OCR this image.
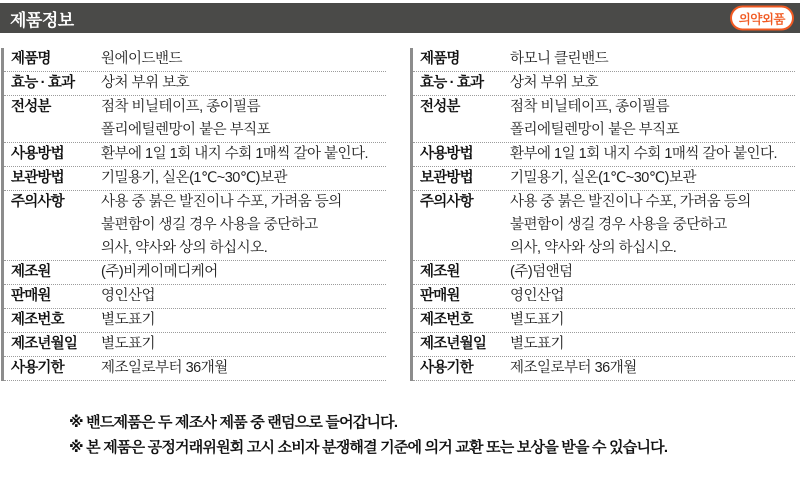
제품정보	의약외품
제품명	원에이드밴드
효능 · 효과	상처 부위 보호
전성분	점착 비닐테이프, 종이필름
폴리에틸렌망이 붙은 부직포
사용방법	환부에 1일 1회 내지 수회 1매씩 갈아 붙인다.
보관방법	기밀용기, 실온(1℃~30℃)보관
주의사항	사용 중 붉은 발진이나 수포, 가려움 등의
불편함이 생길 경우 사용을 중단하고
의사, 약사와 상의 하십시오.
제조원	(주)비케이메디케어
판매원	영인산업
제조번호	별도표기
제조년월일	별도표기
사용기한	제조일로부터 36개월
제품명	하모니 클린밴드
효능 · 효과	상처 부위 보호
전성분	점착 비닐테이프, 종이필름
폴리에틸렌망이 붙은 부직포
사용방법	환부에 1일 1회 내지 수회 1매씩 갈아 붙인다.
보관방법	기밀용기, 실온(1℃~30℃)보관
주의사항	사용 중 붉은 발진이나 수포, 가려움 등의
불편함이 생길 경우 사용을 중단하고
의사, 약사와 상의 하십시오.
제조원	(주)덤앤덤
판매원	영인산업
제조번호	별도표기
제조년월일	별도표기
사용기한	제조일로부터 36개월
※ 밴드제품은 두 제조사 제품 중 랜덤으로 들어갑니다.
※ 본 제품은 공정거래위원회 고시 소비자 분쟁해결 기준에 의거 교환 또는 보상을 받을 수 있습니다.
